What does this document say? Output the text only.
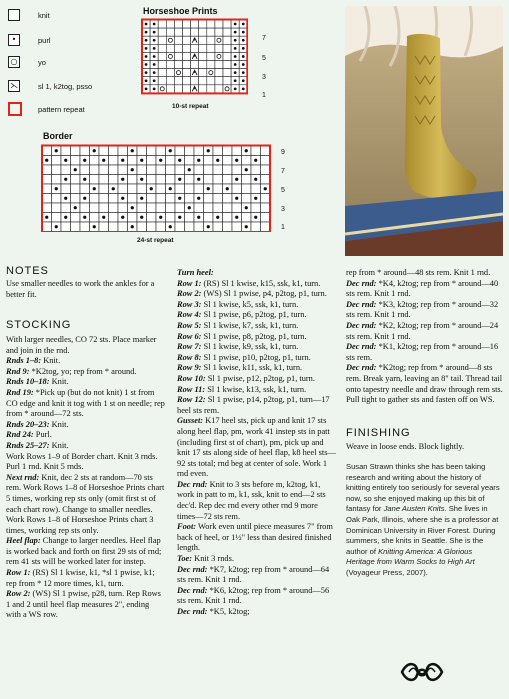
knit
•	purl
○	yo
⋋	sl 1, k2tog, psso
pattern repeat
Horseshoe Prints
7
5
3
1
10-st repeat
Border
9
7
5
3
1
24-st repeat
NOTES

Use smaller needles to work the ankles for a better fit.

STOCKING

With larger needles, CO 72 sts. Place marker and join in the rnd.

Rnds 1–8: Knit.

Rnd 9: *K2tog, yo; rep from * around.

Rnds 10–18: Knit.

Rnd 19: *Pick up (but do not knit) 1 st from CO edge and knit it tog with 1 st on needle; rep from * around—72 sts.

Rnds 20–23: Knit.

Rnd 24: Purl.

Rnds 25–27: Knit.

Work Rows 1–9 of Border chart. Knit 3 rnds. Purl 1 rnd. Knit 5 rnds.

Next rnd: Knit, dec 2 sts at random—70 sts rem. Work Rows 1–8 of Horseshoe Prints chart 5 times, working rep sts only (omit first st of each chart row). Change to smaller needles. Work Rows 1–8 of Horseshoe Prints chart 3 times, working rep sts only.

Heel flap: Change to larger needles. Heel flap is worked back and forth on first 29 sts of rnd; rem 41 sts will be worked later for instep.

Row 1: (RS) Sl 1 kwise, k1, *sl 1 pwise, k1; rep from * 12 more times, k1, turn.

Row 2: (WS) Sl 1 pwise, p28, turn. Rep Rows 1 and 2 until heel flap measures 2", ending with a WS row.

Turn heel:

Row 1: (RS) Sl 1 kwise, k15, ssk, k1, turn.

Row 2: (WS) Sl 1 pwise, p4, p2tog, p1, turn.

Row 3: Sl 1 kwise, k5, ssk, k1, turn.

Row 4: Sl 1 pwise, p6, p2tog, p1, turn.

Row 5: Sl 1 kwise, k7, ssk, k1, turn.

Row 6: Sl 1 pwise, p8, p2tog, p1, turn.

Row 7: Sl 1 kwise, k9, ssk, k1, turn.

Row 8: Sl 1 pwise, p10, p2tog, p1, turn.

Row 9: Sl 1 kwise, k11, ssk, k1, turn.

Row 10: Sl 1 pwise, p12, p2tog, p1, turn.

Row 11: Sl 1 kwise, k13, ssk, k1, turn.

Row 12: Sl 1 pwise, p14, p2tog, p1, turn—17 heel sts rem.

Gusset: K17 heel sts, pick up and knit 17 sts along heel flap, pm, work 41 instep sts in patt (including first st of chart), pm, pick up and knit 17 sts along side of heel flap, k8 heel sts—92 sts total; rnd beg at center of sole. Work 1 rnd even.

Dec rnd: Knit to 3 sts before m, k2tog, k1, work in patt to m, k1, ssk, knit to end—2 sts dec'd. Rep dec rnd every other rnd 9 more times—72 sts rem.

Foot: Work even until piece measures 7" from back of heel, or 1½" less than desired finished length.

Toe: Knit 3 rnds.

Dec rnd: *K7, k2tog; rep from * around—64 sts rem. Knit 1 rnd.

Dec rnd: *K6, k2tog; rep from * around—56 sts rem. Knit 1 rnd.

Dec rnd: *K5, k2tog;

rep from * around—48 sts rem. Knit 1 rnd.

Dec rnd: *K4, k2tog; rep from * around—40 sts rem. Knit 1 rnd.

Dec rnd: *K3, k2tog; rep from * around—32 sts rem. Knit 1 rnd.

Dec rnd: *K2, k2tog; rep from * around—24 sts rem. Knit 1 rnd.

Dec rnd: *K1, k2tog; rep from * around—16 sts rem.

Dec rnd: *K2tog; rep from * around—8 sts rem. Break yarn, leaving an 8" tail. Thread tail onto tapestry needle and draw through rem sts. Pull tight to gather sts and fasten off on WS.

FINISHING

Weave in loose ends. Block lightly.

Susan Strawn thinks she has been taking research and writing about the history of knitting entirely too seriously for several years now, so she enjoyed making up this bit of fantasy for Jane Austen Knits. She lives in Oak Park, Illinois, where she is a professor at Dominican University in River Forest. During summers, she knits in Seattle. She is the author of Knitting America: A Glorious Heritage from Warm Socks to High Art (Voyageur Press, 2007).
